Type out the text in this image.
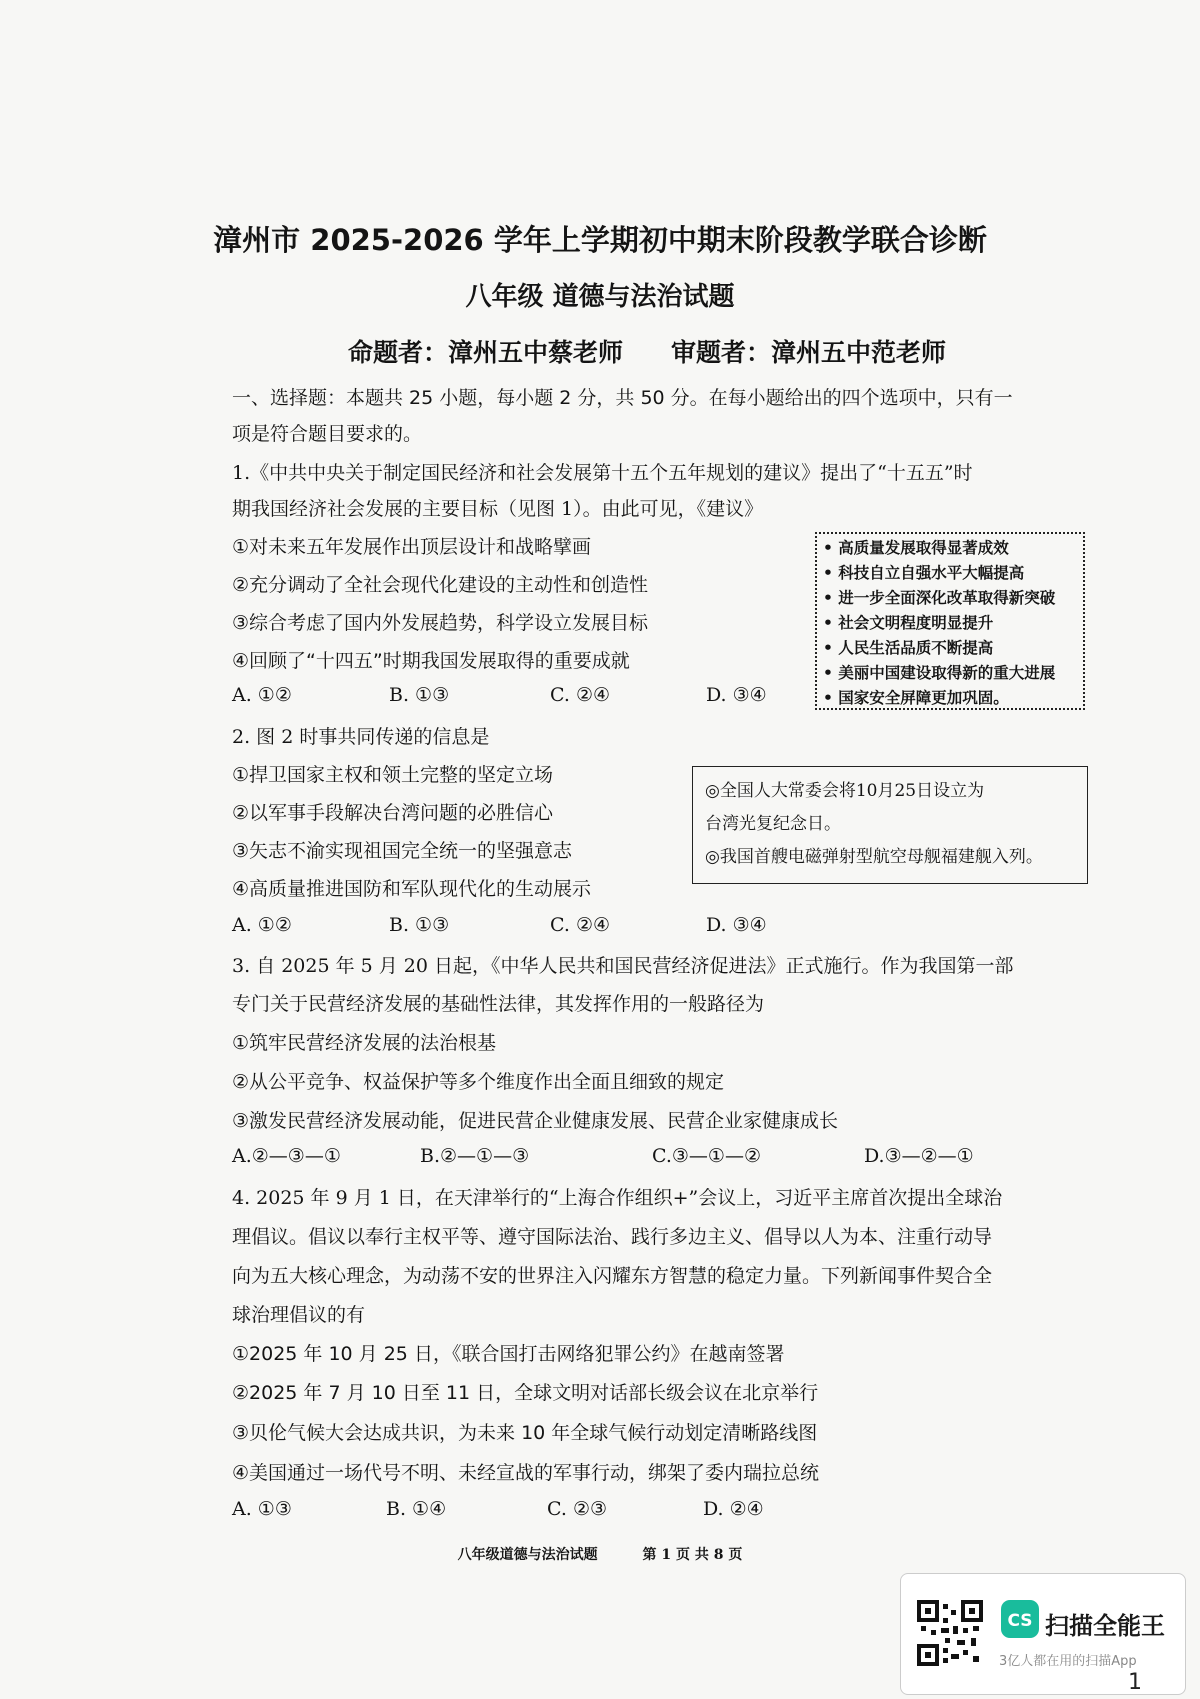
漳州市 2025-2026 学年上学期初中期末阶段教学联合诊断
八年级 道德与法治试题
命题者：漳州五中蔡老师 审题者：漳州五中范老师
一、选择题：本题共 25 小题，每小题 2 分，共 50 分。在每小题给出的四个选项中，只有一
项是符合题目要求的。
1.《中共中央关于制定国民经济和社会发展第十五个五年规划的建议》提出了“十五五”时
期我国经济社会发展的主要目标（见图 1）。由此可见，《建议》
①对未来五年发展作出顶层设计和战略擘画
②充分调动了全社会现代化建设的主动性和创造性
③综合考虑了国内外发展趋势，科学设立发展目标
④回顾了“十四五”时期我国发展取得的重要成就
A. ①②	B. ①③	C. ②④	D. ③④
• 高质量发展取得显著成效
• 科技自立自强水平大幅提高
• 进一步全面深化改革取得新突破
• 社会文明程度明显提升
• 人民生活品质不断提高
• 美丽中国建设取得新的重大进展
• 国家安全屏障更加巩固。
2. 图 2 时事共同传递的信息是
①捍卫国家主权和领土完整的坚定立场
②以军事手段解决台湾问题的必胜信心
③矢志不渝实现祖国完全统一的坚强意志
④高质量推进国防和军队现代化的生动展示
A. ①②	B. ①③	C. ②④	D. ③④
◎全国人大常委会将10月25日设立为
台湾光复纪念日。
◎我国首艘电磁弹射型航空母舰福建舰入列。
3. 自 2025 年 5 月 20 日起，《中华人民共和国民营经济促进法》正式施行。作为我国第一部
专门关于民营经济发展的基础性法律，其发挥作用的一般路径为
①筑牢民营经济发展的法治根基
②从公平竞争、权益保护等多个维度作出全面且细致的规定
③激发民营经济发展动能，促进民营企业健康发展、民营企业家健康成长
A.②—③—①	B.②—①—③	C.③—①—②	D.③—②—①
4. 2025 年 9 月 1 日，在天津举行的“上海合作组织+”会议上，习近平主席首次提出全球治
理倡议。倡议以奉行主权平等、遵守国际法治、践行多边主义、倡导以人为本、注重行动导
向为五大核心理念，为动荡不安的世界注入闪耀东方智慧的稳定力量。下列新闻事件契合全
球治理倡议的有
①2025 年 10 月 25 日，《联合国打击网络犯罪公约》在越南签署
②2025 年 7 月 10 日至 11 日，全球文明对话部长级会议在北京举行
③贝伦气候大会达成共识，为未来 10 年全球气候行动划定清晰路线图
④美国通过一场代号不明、未经宣战的军事行动，绑架了委内瑞拉总统
A. ①③	B. ①④	C. ②③	D. ②④
八年级道德与法治试题	第 1 页 共 8 页
CS 扫描全能王
3亿人都在用的扫描App
1
